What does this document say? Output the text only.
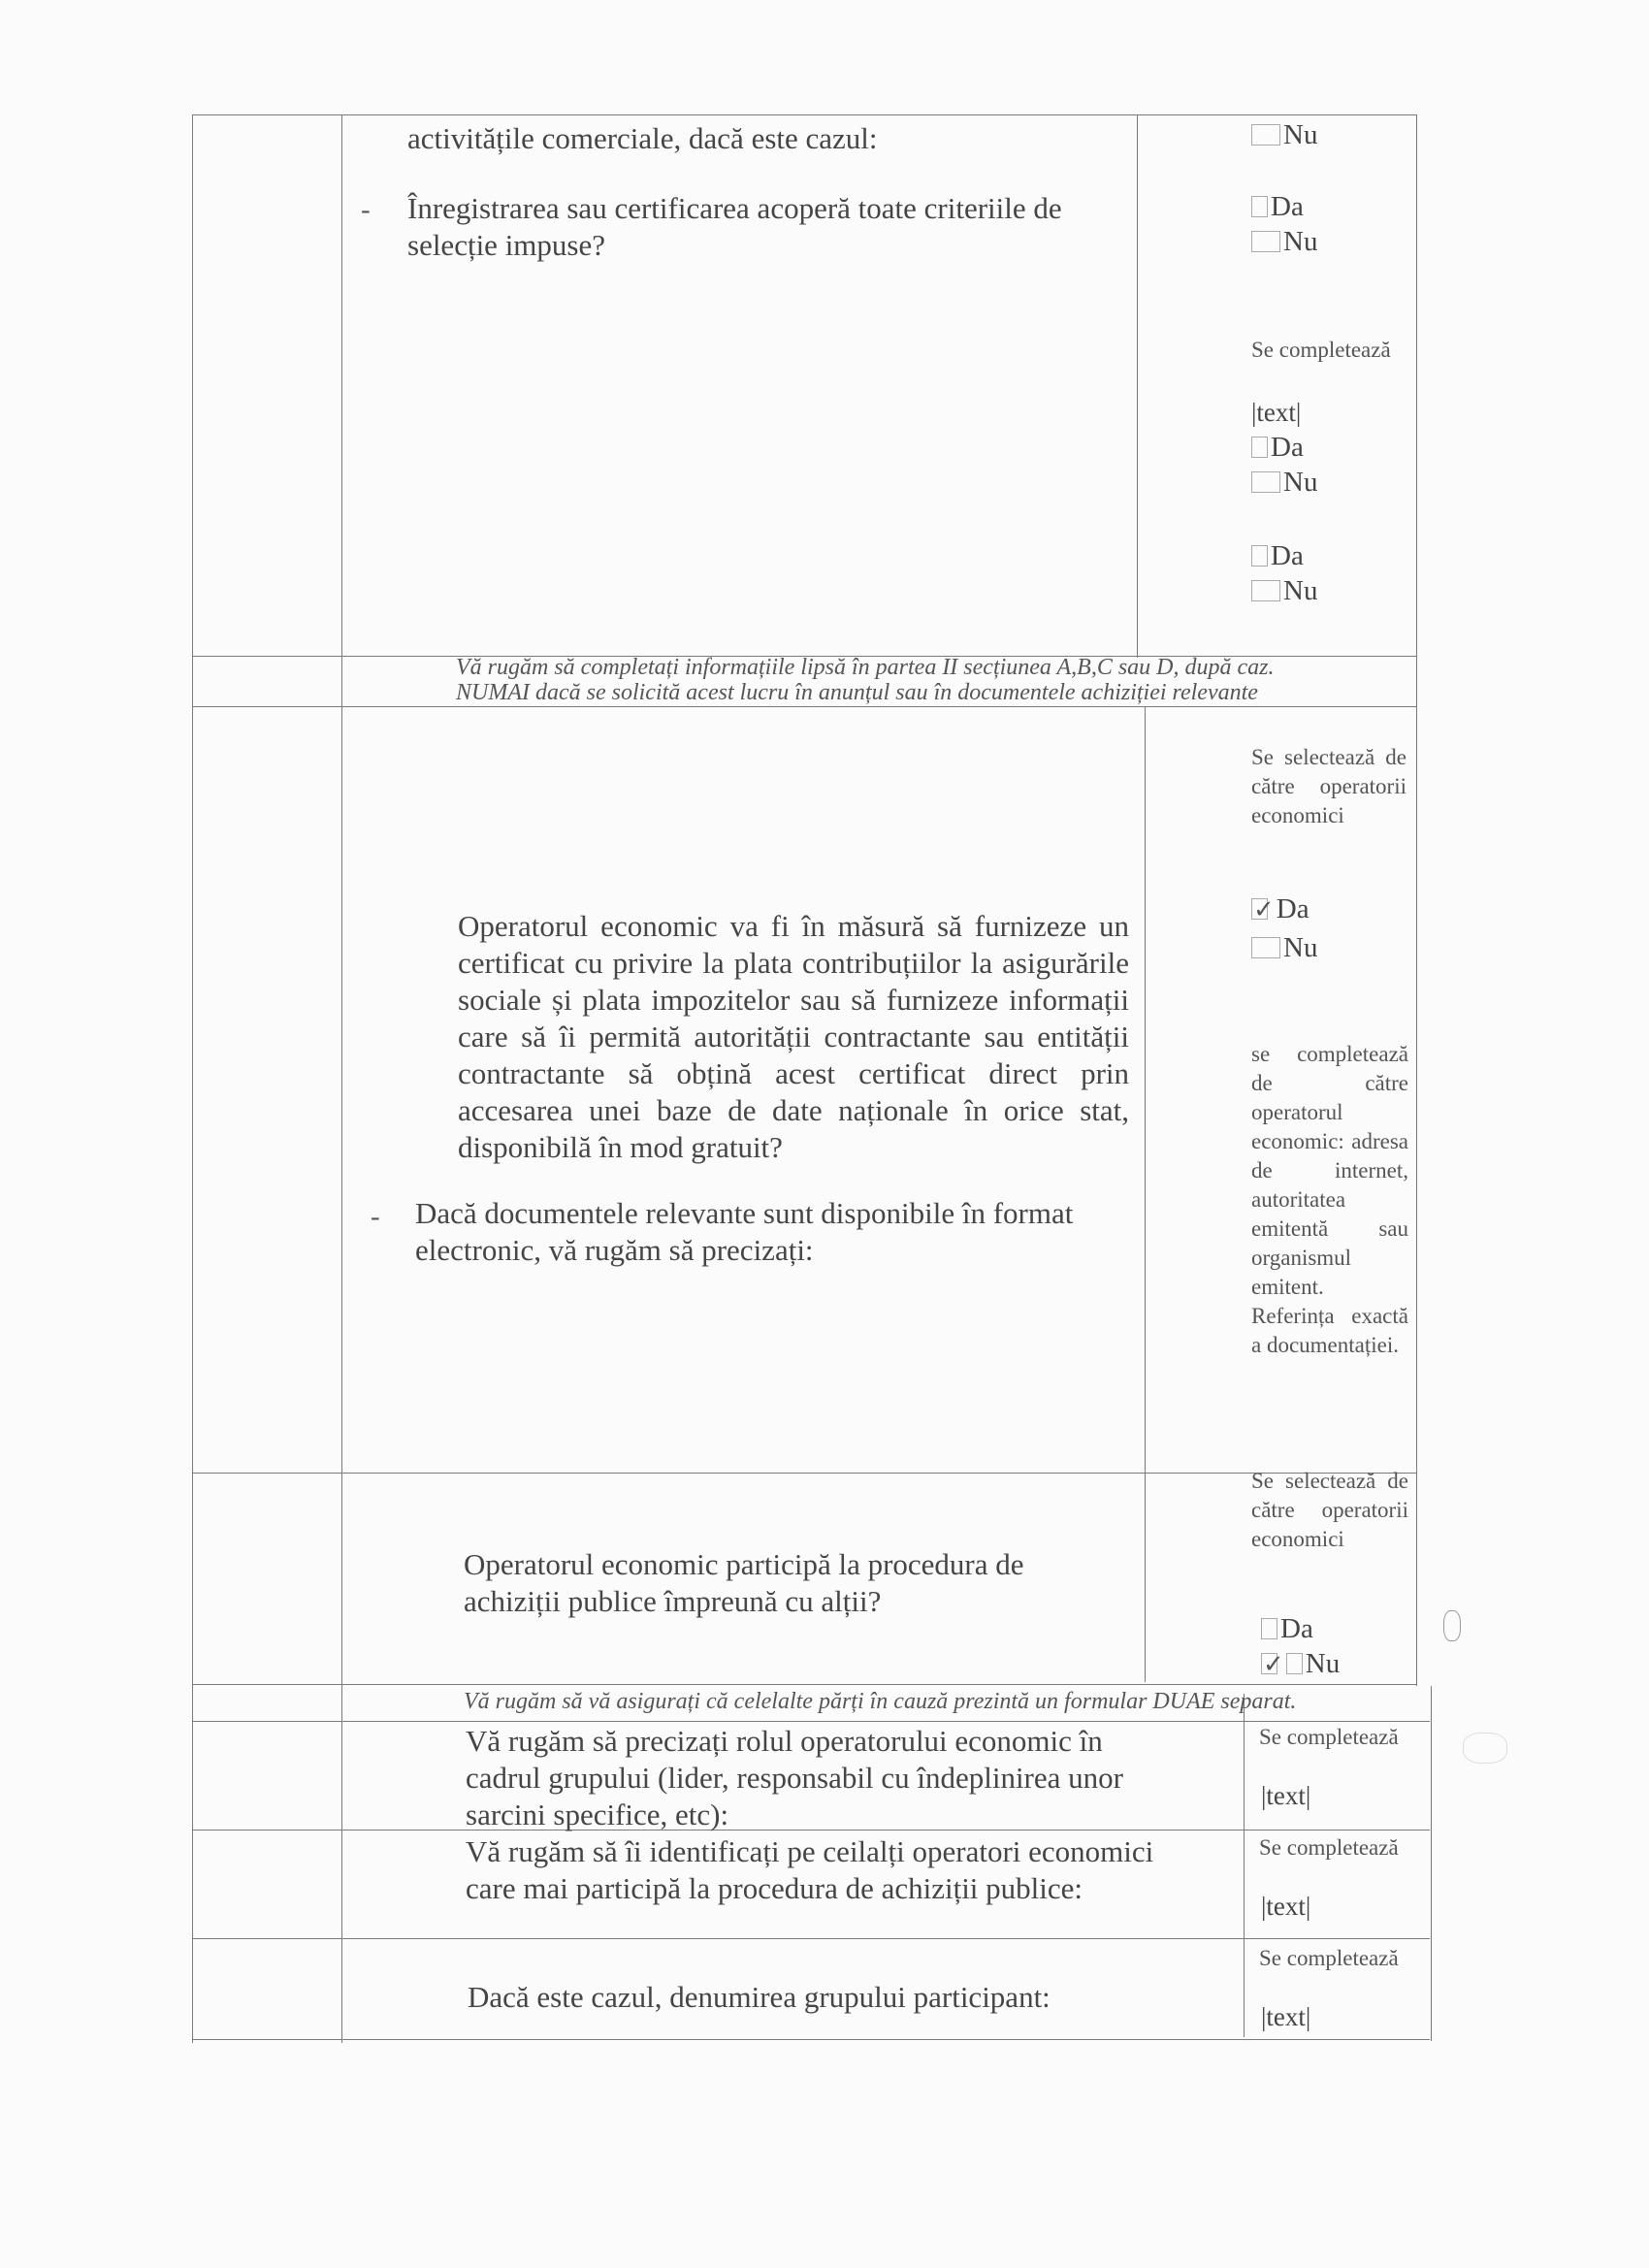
activitățile comerciale, dacă este cazul:
- Înregistrarea sau certificarea acoperă toate criteriile de selecție impuse?
Nu
Da
Nu
Se completează
|text|
Da
Nu
Da
Nu
Vă rugăm să completați informațiile lipsă în partea II secțiunea A,B,C sau D, după caz.
NUMAI dacă se solicită acest lucru în anunțul sau în documentele achiziției relevante
Se selectează de către operatorii economici
✓Da
Nu
Operatorul economic va fi în măsură să furnizeze un certificat cu privire la plata contribuțiilor la asigurările sociale și plata impozitelor sau să furnizeze informații care să îi permită autorității contractante sau entității contractante să obțină acest certificat direct prin accesarea unei baze de date naționale în orice stat, disponibilă în mod gratuit?
- Dacă documentele relevante sunt disponibile în format electronic, vă rugăm să precizați:
se completează de către operatorul economic: adresa de internet, autoritatea emitentă sau organismul emitent. Referința exactă a documentației.
Se selectează de către operatorii economici
Operatorul economic participă la procedura de achiziții publice împreună cu alții?
Da
✓ Nu
Vă rugăm să vă asigurați că celelalte părți în cauză prezintă un formular DUAE separat.
Vă rugăm să precizați rolul operatorului economic în cadrul grupului (lider, responsabil cu îndeplinirea unor sarcini specifice, etc):
Se completează
|text|
Vă rugăm să îi identificați pe ceilalți operatori economici care mai participă la procedura de achiziții publice:
Se completează
|text|
Dacă este cazul, denumirea grupului participant:
Se completează
|text|
